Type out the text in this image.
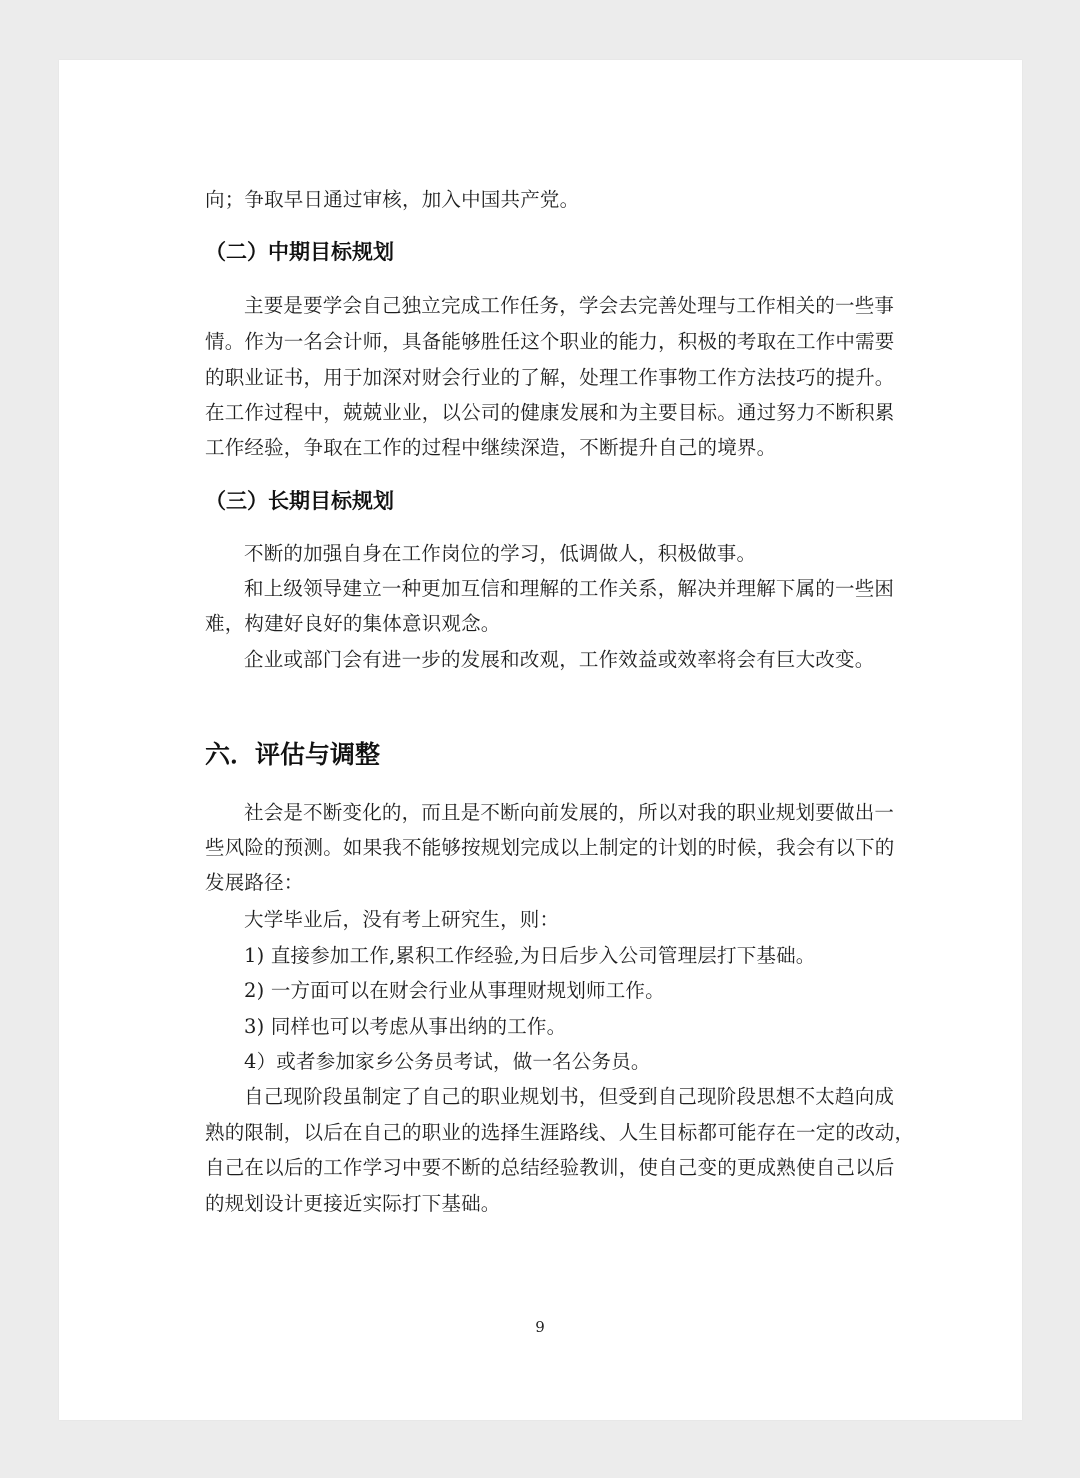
向；争取早日通过审核，加入中国共产党。
（二）中期目标规划
主要是要学会自己独立完成工作任务，学会去完善处理与工作相关的一些事
情。作为一名会计师，具备能够胜任这个职业的能力，积极的考取在工作中需要
的职业证书，用于加深对财会行业的了解，处理工作事物工作方法技巧的提升。
在工作过程中，兢兢业业，以公司的健康发展和为主要目标。通过努力不断积累
工作经验，争取在工作的过程中继续深造，不断提升自己的境界。
（三）长期目标规划
不断的加强自身在工作岗位的学习，低调做人，积极做事。
和上级领导建立一种更加互信和理解的工作关系，解决并理解下属的一些困
难，构建好良好的集体意识观念。
企业或部门会有进一步的发展和改观，工作效益或效率将会有巨大改变。
六．评估与调整
社会是不断变化的，而且是不断向前发展的，所以对我的职业规划要做出一
些风险的预测。如果我不能够按规划完成以上制定的计划的时候，我会有以下的
发展路径：
大学毕业后，没有考上研究生，则：
1) 直接参加工作,累积工作经验,为日后步入公司管理层打下基础。
2) 一方面可以在财会行业从事理财规划师工作。
3) 同样也可以考虑从事出纳的工作。
4）或者参加家乡公务员考试，做一名公务员。
自己现阶段虽制定了自己的职业规划书，但受到自己现阶段思想不太趋向成
熟的限制，以后在自己的职业的选择生涯路线、人生目标都可能存在一定的改动，
自己在以后的工作学习中要不断的总结经验教训，使自己变的更成熟使自己以后
的规划设计更接近实际打下基础。
9
